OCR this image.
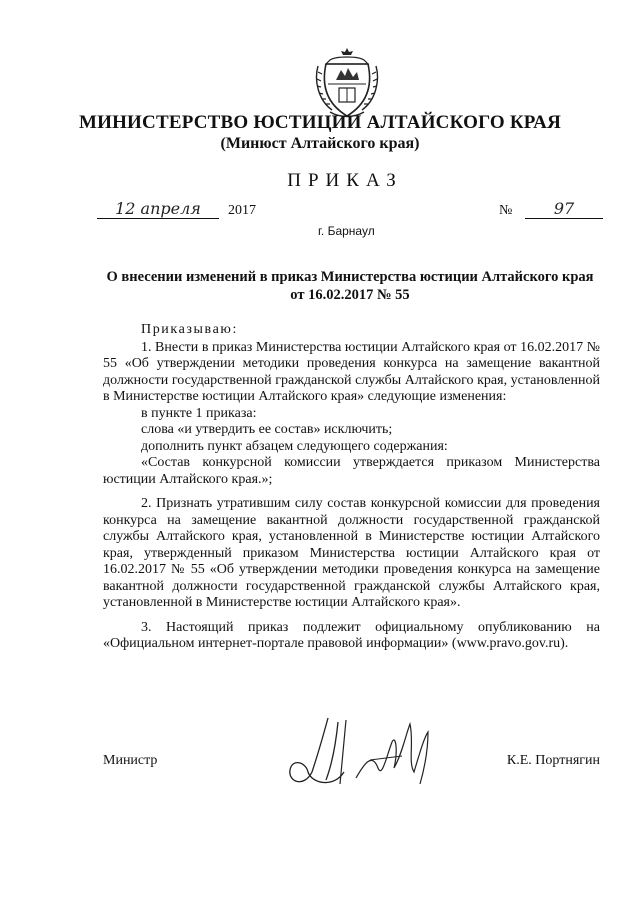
МИНИСТЕРСТВО ЮСТИЦИИ АЛТАЙСКОГО КРАЯ
(Минюст Алтайского края)
ПРИКАЗ
12 апреля	2017	№	97
г. Барнаул
О внесении изменений в приказ Министерства юстиции Алтайского края от 16.02.2017 № 55

Приказываю:

1. Внести в приказ Министерства юстиции Алтайского края от 16.02.2017 № 55 «Об утверждении методики проведения конкурса на замещение вакантной должности государственной гражданской службы Алтайского края, установленной в Министерстве юстиции Алтайского края» следующие изменения:

в пункте 1 приказа:

слова «и утвердить ее состав» исключить;

дополнить пункт абзацем следующего содержания:

«Состав конкурсной комиссии утверждается приказом Министерства юстиции Алтайского края.»;

2. Признать утратившим силу состав конкурсной комиссии для проведения конкурса на замещение вакантной должности государственной гражданской службы Алтайского края, установленной в Министерстве юстиции Алтайского края, утвержденный приказом Министерства юстиции Алтайского края от 16.02.2017 № 55 «Об утверждении методики проведения конкурса на замещение вакантной должности государственной гражданской службы Алтайского края, установленной в Министерстве юстиции Алтайского края».

3. Настоящий приказ подлежит официальному опубликованию на «Официальном интернет-портале правовой информации» (www.pravo.gov.ru).

Министр	К.Е. Портнягин
